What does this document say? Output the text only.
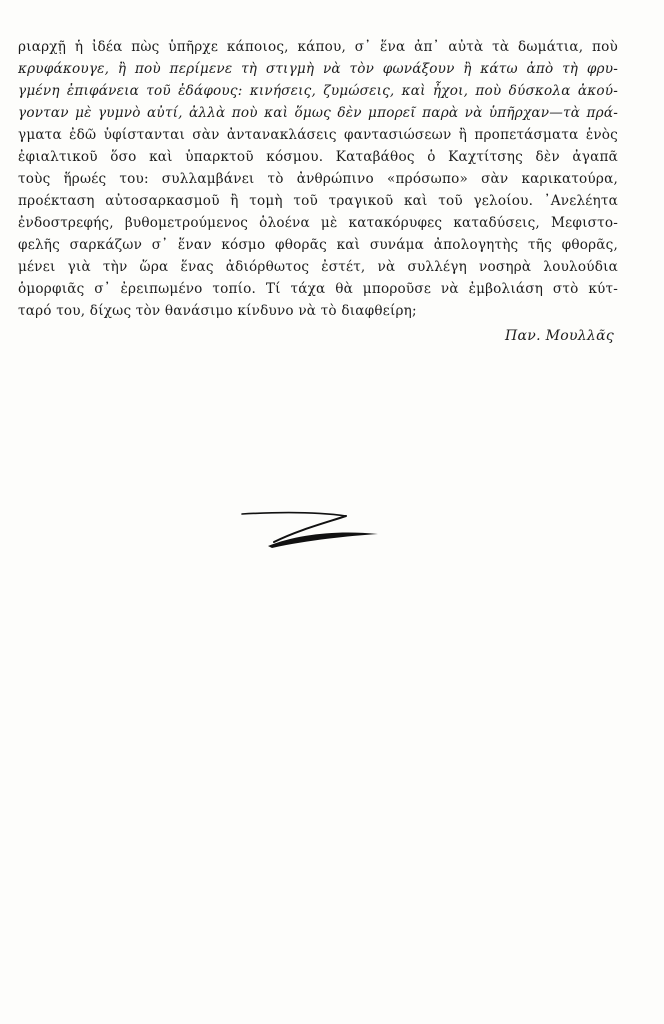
ριαρχῇ ἡ ἰδέα πὼς ὑπῆρχε κάποιος, κάπου, σ᾽ ἕνα ἀπ᾽ αὐτὰ τὰ δωμάτια, ποὺ
κρυφάκουγε, ἢ ποὺ περίμενε τὴ στιγμὴ νὰ τὸν φωνάξουν ἢ κάτω ἀπὸ τὴ φρυ-
γμένη ἐπιφάνεια τοῦ ἐδάφους: κινήσεις, ζυμώσεις, καὶ ἦχοι, ποὺ δύσκολα ἀκού-
γονταν μὲ γυμνὸ αὐτί, ἀλλὰ ποὺ καὶ ὅμως δὲν μπορεῖ παρὰ νὰ ὑπῆρχαν—τὰ πρά-
γματα ἐδῶ ὑφίστανται σὰν ἀντανακλάσεις φαντασιώσεων ἢ προπετάσματα ἑνὸς
ἐφιαλτικοῦ ὅσο καὶ ὑπαρκτοῦ κόσμου. Καταβάθος ὁ Καχτίτσης δὲν ἀγαπᾶ
τοὺς ἥρωές του: συλλαμβάνει τὸ ἀνθρώπινο «πρόσωπο» σὰν καρικατούρα,
προέκταση αὐτοσαρκασμοῦ ἢ τομὴ τοῦ τραγικοῦ καὶ τοῦ γελοίου. ᾽Ανελέητα
ἐνδοστρεφής, βυθομετρούμενος ὁλοένα μὲ κατακόρυφες καταδύσεις, Μεφιστο-
φελῆς σαρκάζων σ᾽ ἕναν κόσμο φθορᾶς καὶ συνάμα ἀπολογητὴς τῆς φθορᾶς,
μένει γιὰ τὴν ὥρα ἕνας ἀδιόρθωτος ἐστέτ, νὰ συλλέγη νοσηρὰ λουλούδια
ὁμορφιᾶς σ᾽ ἐρειπωμένο τοπίο. Τί τάχα θὰ μποροῦσε νὰ ἐμβολιάση στὸ κύτ-
ταρό του, δίχως τὸν θανάσιμο κίνδυνο νὰ τὸ διαφθείρη;
Παν. Μουλλᾶς
